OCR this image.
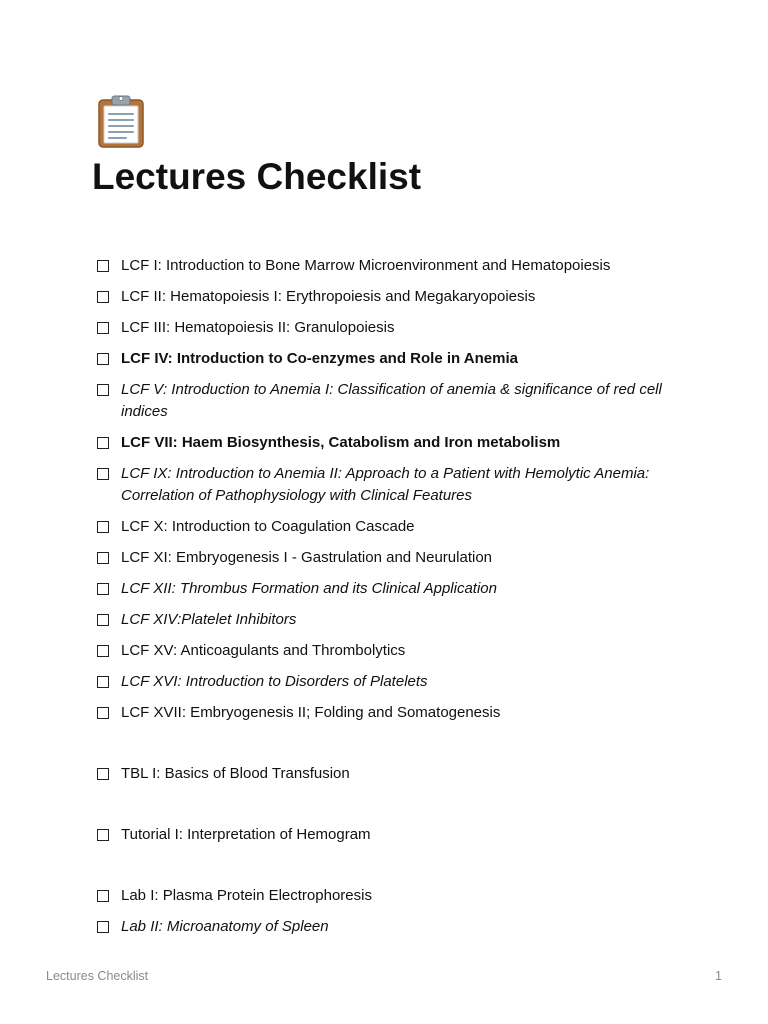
Lectures Checklist
LCF I: Introduction to Bone Marrow Microenvironment and Hematopoiesis
LCF II: Hematopoiesis I: Erythropoiesis and Megakaryopoiesis
LCF III: Hematopoiesis II: Granulopoiesis
LCF IV: Introduction to Co-enzymes and Role in Anemia
LCF V: Introduction to Anemia I: Classification of anemia & significance of red cell indices
LCF VII: Haem Biosynthesis, Catabolism and Iron metabolism
LCF IX: Introduction to Anemia II: Approach to a Patient with Hemolytic Anemia: Correlation of Pathophysiology with Clinical Features
LCF X: Introduction to Coagulation Cascade
LCF XI: Embryogenesis I - Gastrulation and Neurulation
LCF XII: Thrombus Formation and its Clinical Application
LCF XIV:Platelet Inhibitors
LCF XV: Anticoagulants and Thrombolytics
LCF XVI: Introduction to Disorders of Platelets
LCF XVII: Embryogenesis II; Folding and Somatogenesis
TBL I: Basics of Blood Transfusion
Tutorial I: Interpretation of Hemogram
Lab I: Plasma Protein Electrophoresis
Lab II: Microanatomy of Spleen
Lectures Checklist	1
